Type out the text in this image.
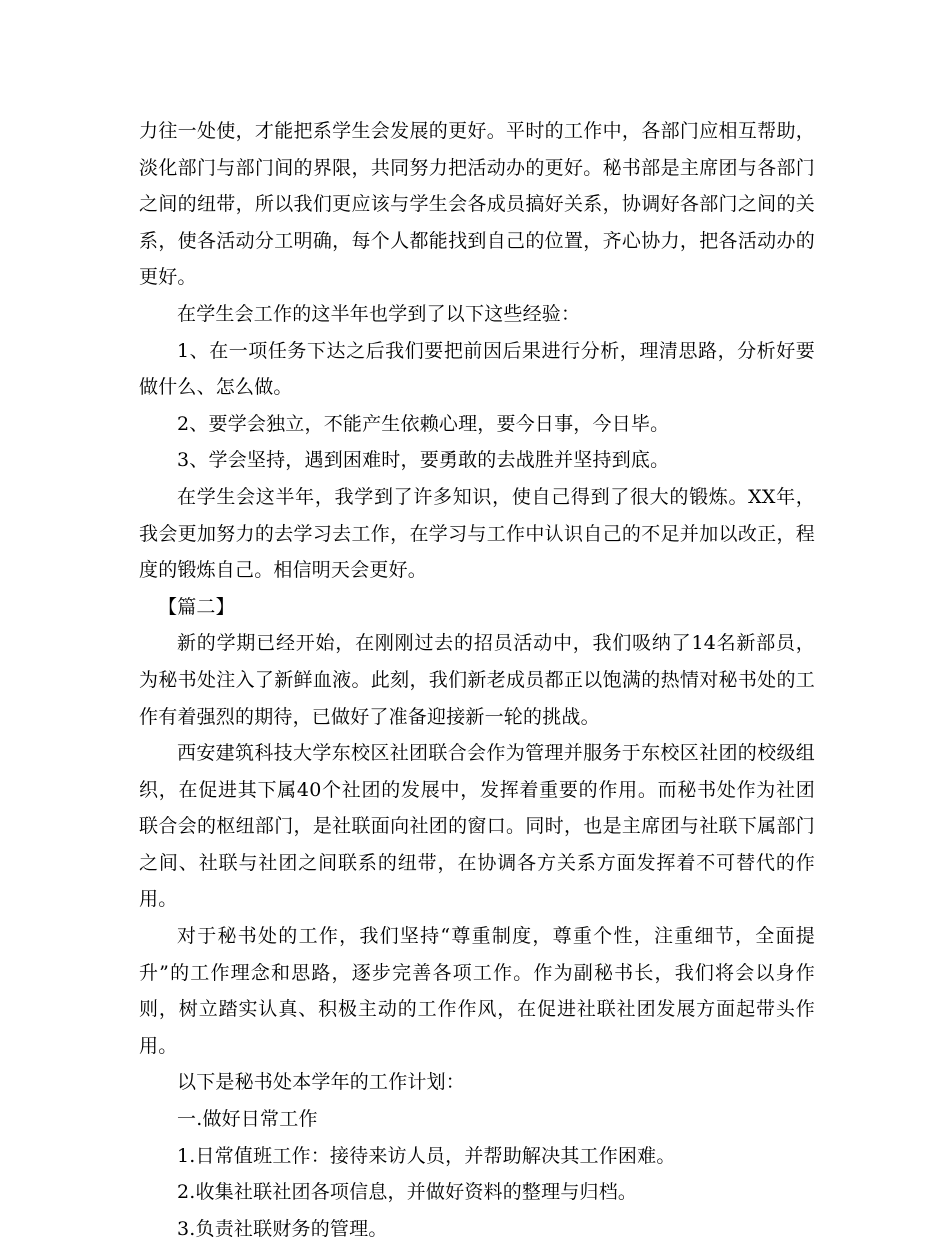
力往一处使，才能把系学生会发展的更好。平时的工作中，各部门应相互帮助，淡化部门与部门间的界限，共同努力把活动办的更好。秘书部是主席团与各部门之间的纽带，所以我们更应该与学生会各成员搞好关系，协调好各部门之间的关系，使各活动分工明确，每个人都能找到自己的位置，齐心协力，把各活动办的更好。

在学生会工作的这半年也学到了以下这些经验：

1、在一项任务下达之后我们要把前因后果进行分析，理清思路，分析好要做什么、怎么做。

2、要学会独立，不能产生依赖心理，要今日事，今日毕。

3、学会坚持，遇到困难时，要勇敢的去战胜并坚持到底。

在学生会这半年，我学到了许多知识，使自己得到了很大的锻炼。XX年，我会更加努力的去学习去工作，在学习与工作中认识自己的不足并加以改正，程度的锻炼自己。相信明天会更好。

【篇二】

新的学期已经开始，在刚刚过去的招员活动中，我们吸纳了14名新部员，为秘书处注入了新鲜血液。此刻，我们新老成员都正以饱满的热情对秘书处的工作有着强烈的期待，已做好了准备迎接新一轮的挑战。

西安建筑科技大学东校区社团联合会作为管理并服务于东校区社团的校级组织，在促进其下属40个社团的发展中，发挥着重要的作用。而秘书处作为社团联合会的枢纽部门，是社联面向社团的窗口。同时，也是主席团与社联下属部门之间、社联与社团之间联系的纽带，在协调各方关系方面发挥着不可替代的作用。

对于秘书处的工作，我们坚持“尊重制度，尊重个性，注重细节，全面提升”的工作理念和思路，逐步完善各项工作。作为副秘书长，我们将会以身作则，树立踏实认真、积极主动的工作作风，在促进社联社团发展方面起带头作用。

以下是秘书处本学年的工作计划：

一.做好日常工作

1.日常值班工作：接待来访人员，并帮助解决其工作困难。

2.收集社联社团各项信息，并做好资料的整理与归档。

3.负责社联财务的管理。
